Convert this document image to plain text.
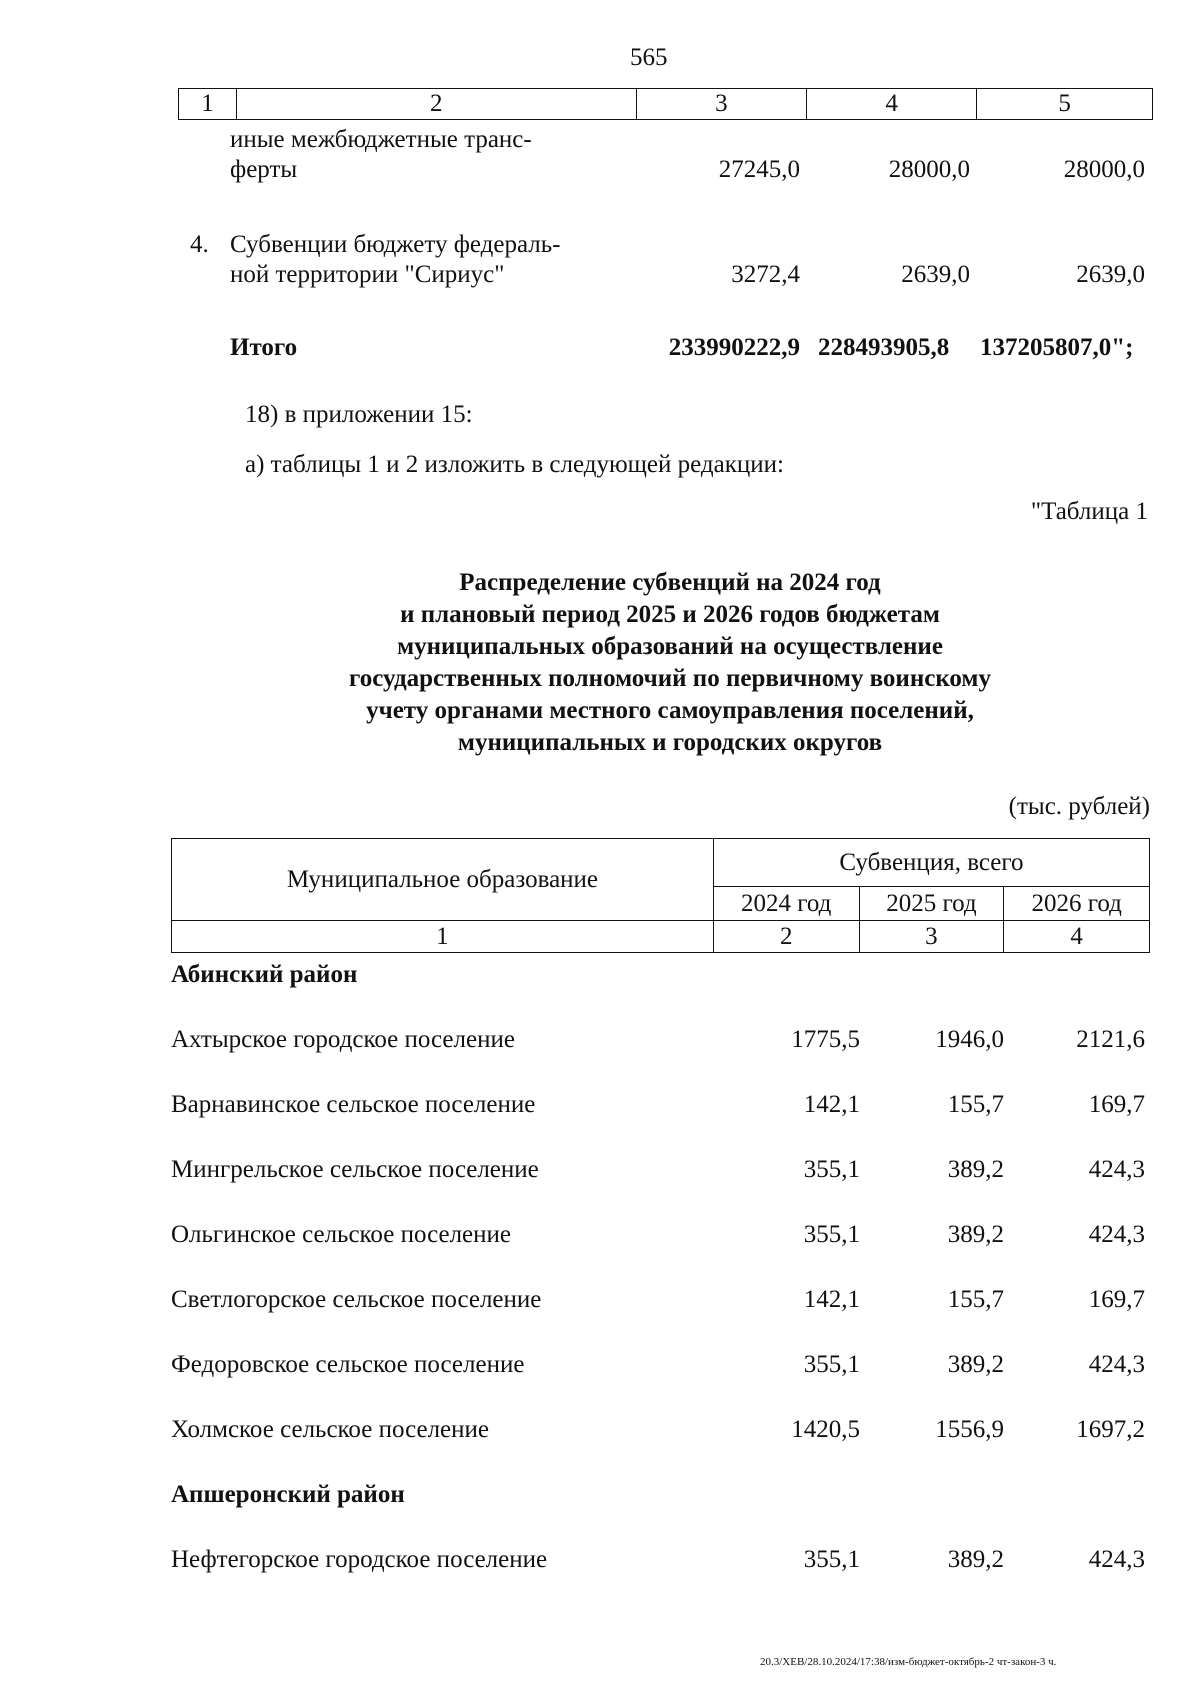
565
1	2	3	4	5
иные межбюджетные транс-
ферты	27245,0	28000,0	28000,0
4. Субвенции бюджету федераль-
ной территории "Сириус"	3272,4	2639,0	2639,0
Итого	233990222,9 228493905,8 137205807,0";
18) в приложении 15:
а) таблицы 1 и 2 изложить в следующей редакции:
"Таблица 1
Распределение субвенций на 2024 год
и плановый период 2025 и 2026 годов бюджетам
муниципальных образований на осуществление
государственных полномочий по первичному воинскому
учету органами местного самоуправления поселений,
муниципальных и городских округов
(тыс. рублей)
Муниципальное образование	Субвенция, всего		
	2024 год	2025 год	2026 год
1	2	3	4
Абинский район
Ахтырское городское поселение	1775,5	1946,0	2121,6
Варнавинское сельское поселение	142,1	155,7	169,7
Мингрельское сельское поселение	355,1	389,2	424,3
Ольгинское сельское поселение	355,1	389,2	424,3
Светлогорское сельское поселение	142,1	155,7	169,7
Федоровское сельское поселение	355,1	389,2	424,3
Холмское сельское поселение	1420,5	1556,9	1697,2
Апшеронский район
Нефтегорское городское поселение	355,1	389,2	424,3
20.3/ХЕВ/28.10.2024/17:38/изм-бюджет-октябрь-2 чт-закон-3 ч.
